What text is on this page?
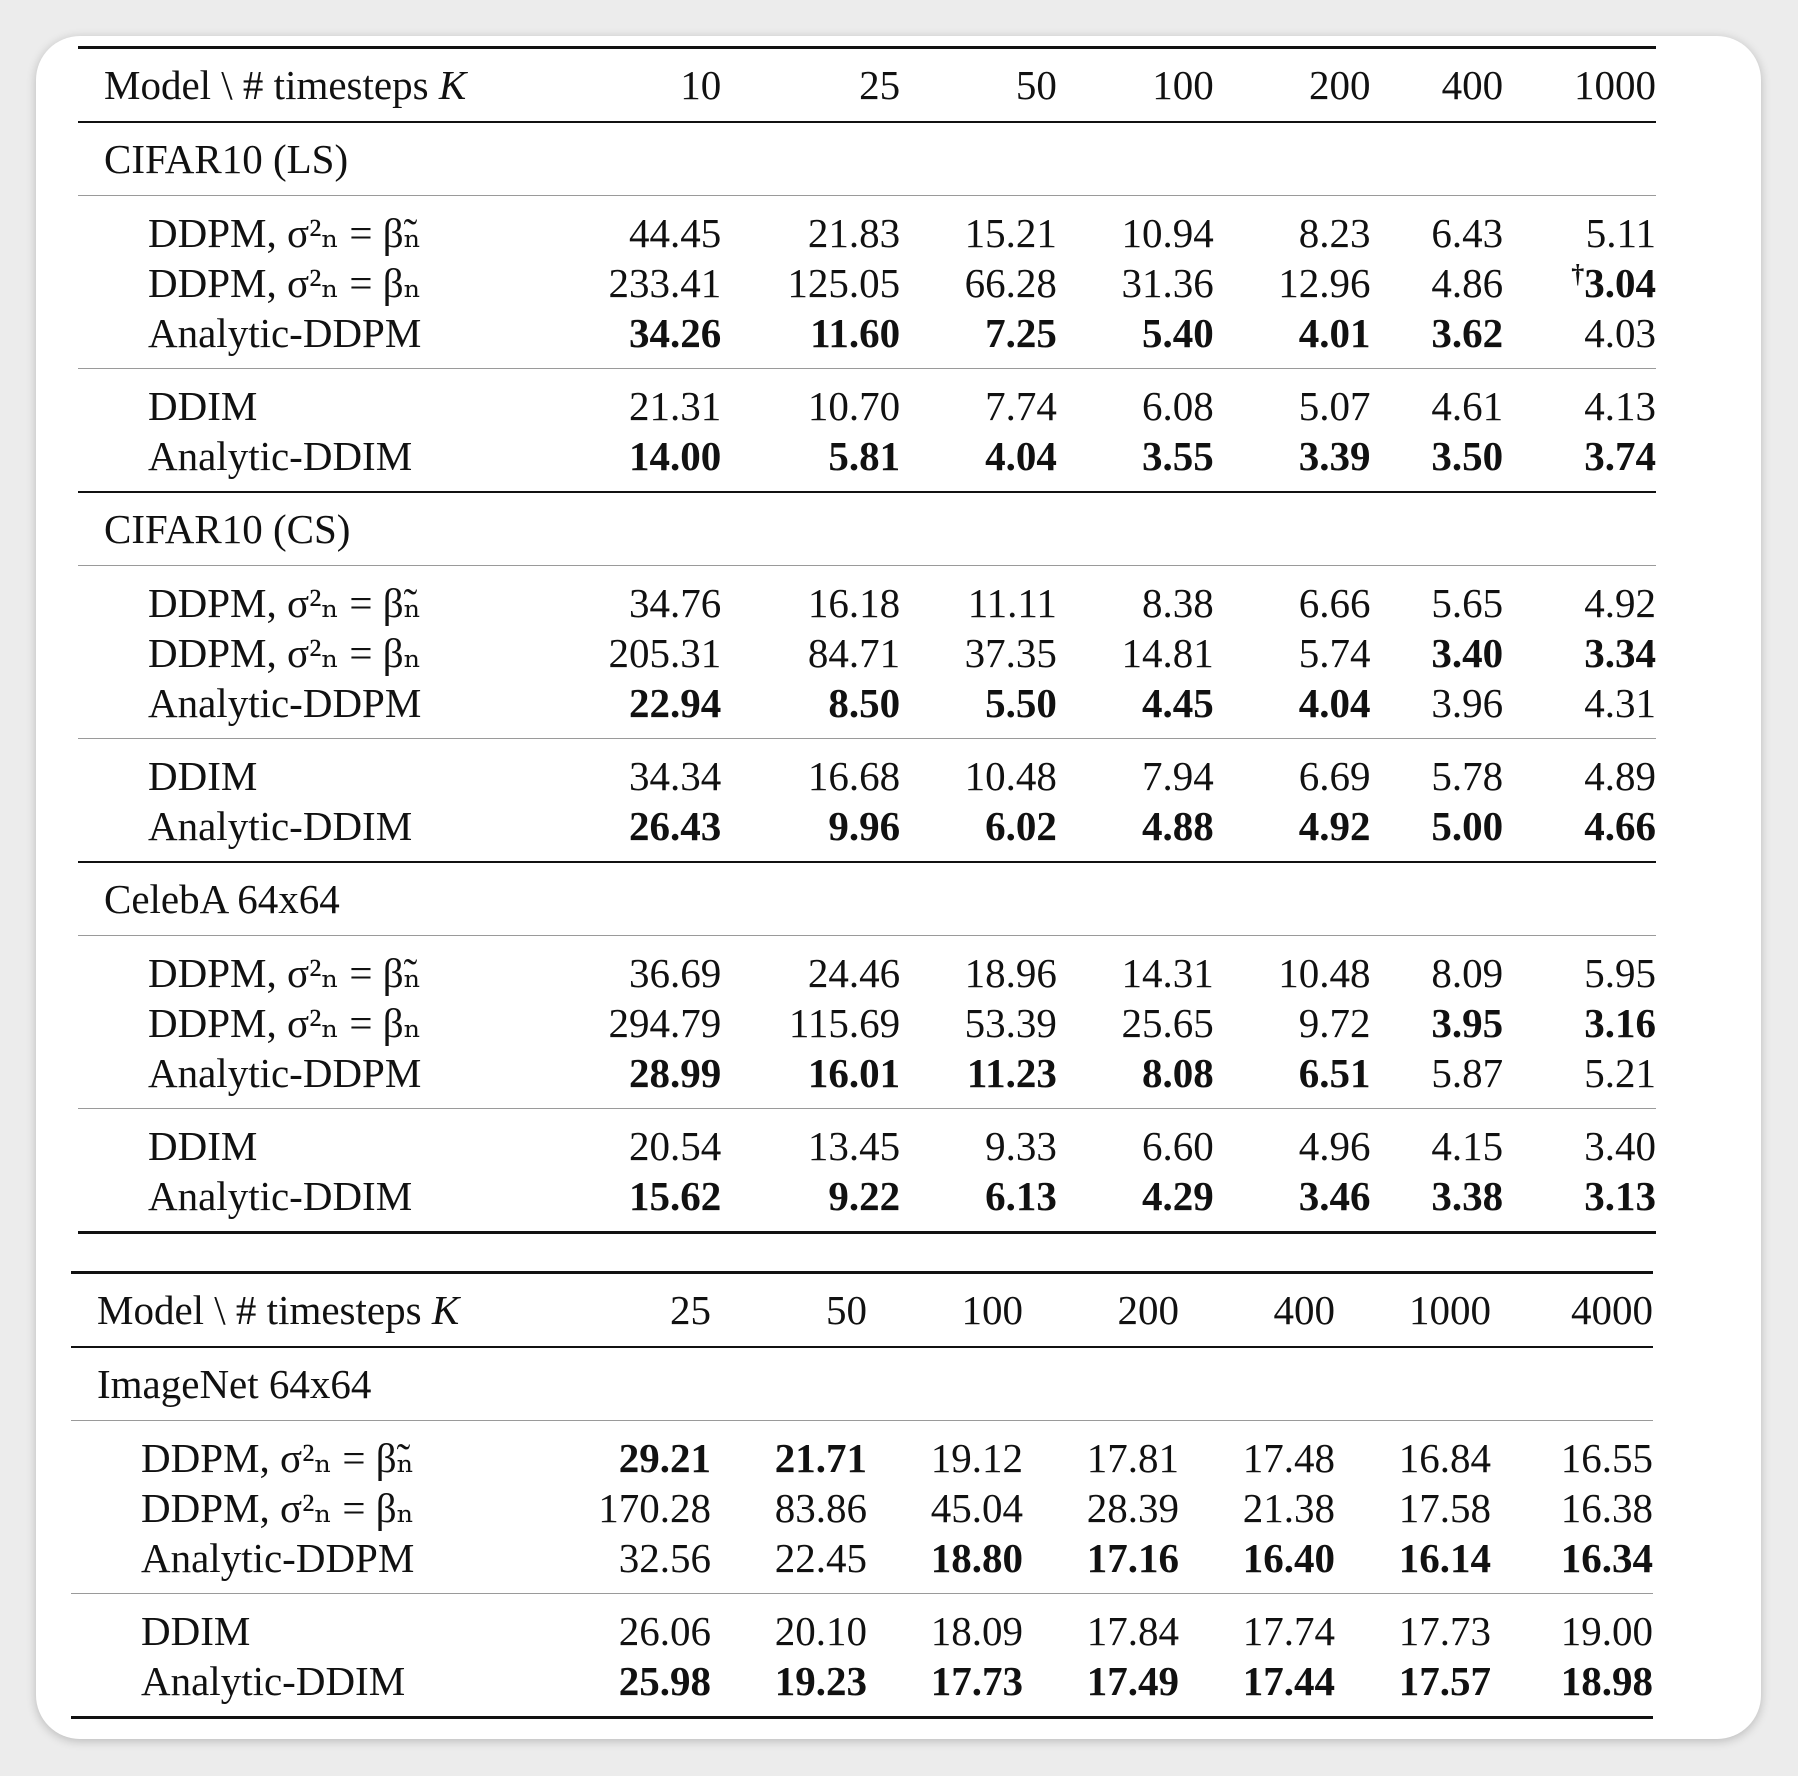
Model \ # timesteps K	10	25	50	100	200	400	1000
CIFAR10 (LS)							
DDPM, σ²ₙ = β̃ₙ	44.45	21.83	15.21	10.94	8.23	6.43	5.11
DDPM, σ²ₙ = βₙ	233.41	125.05	66.28	31.36	12.96	4.86	†3.04
Analytic-DDPM	34.26	11.60	7.25	5.40	4.01	3.62	4.03
DDIM	21.31	10.70	7.74	6.08	5.07	4.61	4.13
Analytic-DDIM	14.00	5.81	4.04	3.55	3.39	3.50	3.74
CIFAR10 (CS)							
DDPM, σ²ₙ = β̃ₙ	34.76	16.18	11.11	8.38	6.66	5.65	4.92
DDPM, σ²ₙ = βₙ	205.31	84.71	37.35	14.81	5.74	3.40	3.34
Analytic-DDPM	22.94	8.50	5.50	4.45	4.04	3.96	4.31
DDIM	34.34	16.68	10.48	7.94	6.69	5.78	4.89
Analytic-DDIM	26.43	9.96	6.02	4.88	4.92	5.00	4.66
CelebA 64x64							
DDPM, σ²ₙ = β̃ₙ	36.69	24.46	18.96	14.31	10.48	8.09	5.95
DDPM, σ²ₙ = βₙ	294.79	115.69	53.39	25.65	9.72	3.95	3.16
Analytic-DDPM	28.99	16.01	11.23	8.08	6.51	5.87	5.21
DDIM	20.54	13.45	9.33	6.60	4.96	4.15	3.40
Analytic-DDIM	15.62	9.22	6.13	4.29	3.46	3.38	3.13
Model \ # timesteps K	25	50	100	200	400	1000	4000
ImageNet 64x64							
DDPM, σ²ₙ = β̃ₙ	29.21	21.71	19.12	17.81	17.48	16.84	16.55
DDPM, σ²ₙ = βₙ	170.28	83.86	45.04	28.39	21.38	17.58	16.38
Analytic-DDPM	32.56	22.45	18.80	17.16	16.40	16.14	16.34
DDIM	26.06	20.10	18.09	17.84	17.74	17.73	19.00
Analytic-DDIM	25.98	19.23	17.73	17.49	17.44	17.57	18.98
